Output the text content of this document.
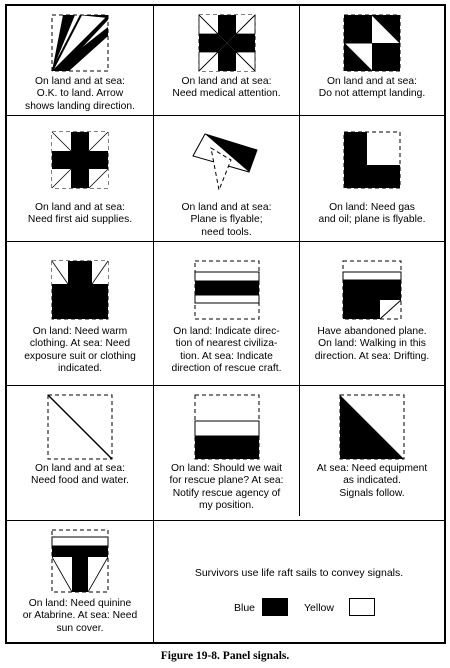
On land and at sea:
O.K. to land. Arrow
shows landing direction.
On land and at sea:
Need medical attention.
On land and at sea:
Do not attempt landing.
On land and at sea:
Need first aid supplies.
On land and at sea:
Plane is flyable;
need tools.
On land: Need gas
and oil; plane is flyable.
On land: Need warm
clothing. At sea: Need
exposure suit or clothing
indicated.
On land: Indicate direc-
tion of nearest civiliza-
tion. At sea: Indicate
direction of rescue craft.
Have abandoned plane.
On land: Walking in this
direction. At sea: Drifting.
On land and at sea:
Need food and water.
On land: Should we wait
for rescue plane? At sea:
Notify rescue agency of
my position.
At sea: Need equipment
as indicated.
Signals follow.
On land: Need quinine
or Atabrine. At sea: Need
sun cover.
Survivors use life raft sails to convey signals.
Blue	Yellow
Figure 19-8. Panel signals.
